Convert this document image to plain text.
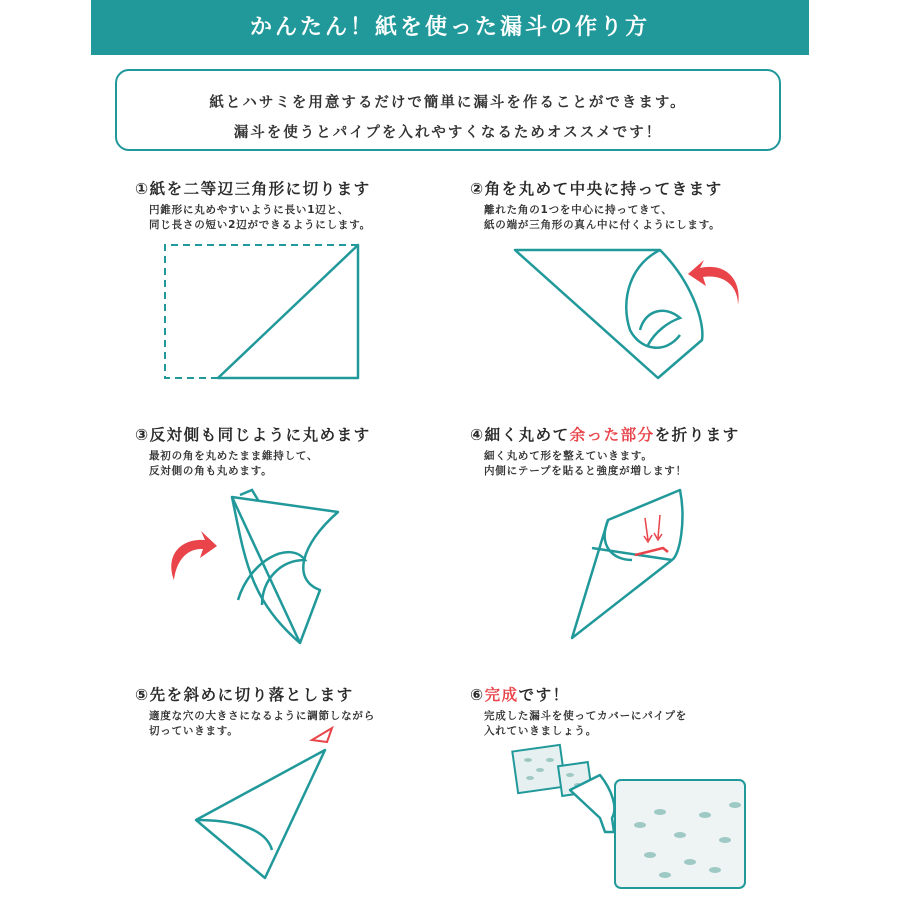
かんたん！紙を使った漏斗の作り方
紙とハサミを用意するだけで簡単に漏斗を作ることができます。
漏斗を使うとパイプを入れやすくなるためオススメです！
①紙を二等辺三角形に切ります
円錐形に丸めやすいように長い1辺と、
同じ長さの短い2辺ができるようにします。
②角を丸めて中央に持ってきます
離れた角の1つを中心に持ってきて、
紙の端が三角形の真ん中に付くようにします。
③反対側も同じように丸めます
最初の角を丸めたまま維持して、
反対側の角も丸めます。
④細く丸めて余った部分を折ります
細く丸めて形を整えていきます。
内側にテープを貼ると強度が増します！
⑤先を斜めに切り落とします
適度な穴の大きさになるように調節しながら
切っていきます。
⑥完成です！
完成した漏斗を使ってカバーにパイプを
入れていきましょう。
